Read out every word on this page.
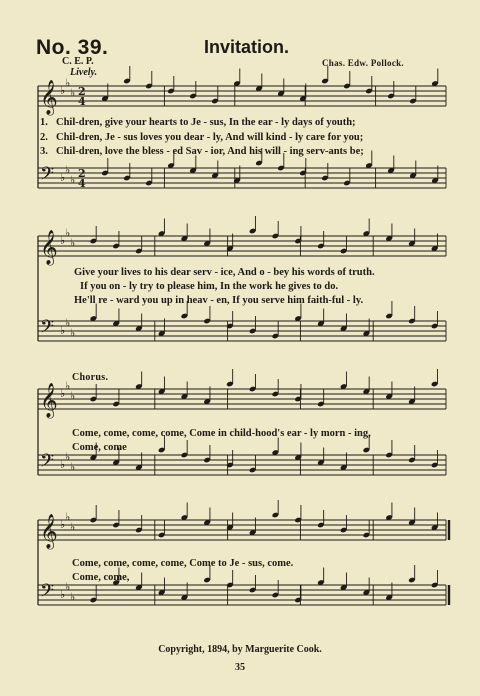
No. 39.	Invitation.
C. E. P.
Lively.
Chas. Edw. Pollock.
𝄞
𝄢
♭
♭
♭
♭
♭
♭
2
4
2
4
𝄞
𝄢
♭
♭
♭
♭
♭
♭
𝄞
𝄢
♭
♭
♭
♭
♭
♭
𝄞
𝄢
♭
♭
♭
♭
♭
♭
1. Chil-dren, give your hearts to Je - sus, In the ear - ly days of youth;
2. Chil-dren, Je - sus loves you dear - ly, And will kind - ly care for you;
3. Chil-dren, love the bless - ed Sav - ior, And his will - ing serv-ants be;
Give your lives to his dear serv - ice, And o - bey his words of truth.
If you on - ly try to please him, In the work he gives to do.
He'll re - ward you up in heav - en, If you serve him faith-ful - ly.
Chorus.
Come, come, come, come, Come in child-hood's ear - ly morn - ing,
Come, come
Come, come, come, come, Come to Je - sus, come.
Come, come,
Copyright, 1894, by Marguerite Cook.
35
